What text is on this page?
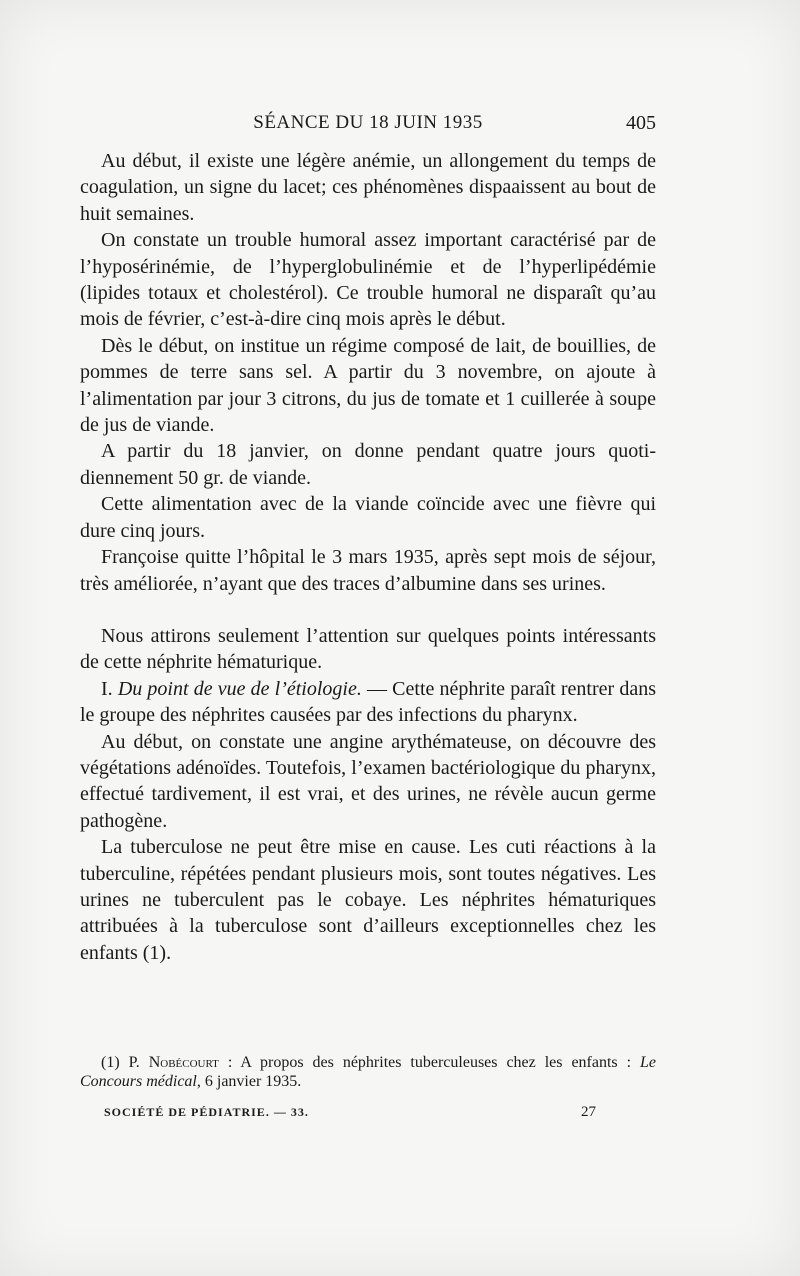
SÉANCE DU 18 JUIN 1935	405

Au début, il existe une légère anémie, un allongement du temps de coagulation, un signe du lacet; ces phénomènes dispaaissent au bout de huit semaines.

On constate un trouble humoral assez important caractérisé par de l’hyposérinémie, de l’hyperglobulinémie et de l’hyperlipédémie (lipides totaux et cholestérol). Ce trouble humoral ne disparaît qu’au mois de février, c’est-à-dire cinq mois après le début.

Dès le début, on institue un régime composé de lait, de bouillies, de pommes de terre sans sel. A partir du 3 novembre, on ajoute à l’alimentation par jour 3 citrons, du jus de tomate et 1 cuillerée à soupe de jus de viande.

A partir du 18 janvier, on donne pendant quatre jours quotidiennement 50 gr. de viande.

Cette alimentation avec de la viande coïncide avec une fièvre qui dure cinq jours.

Françoise quitte l’hôpital le 3 mars 1935, après sept mois de séjour, très améliorée, n’ayant que des traces d’albumine dans ses urines.

Nous attirons seulement l’attention sur quelques points intéressants de cette néphrite hématurique.

I. Du point de vue de l’étiologie. — Cette néphrite paraît rentrer dans le groupe des néphrites causées par des infections du pharynx.

Au début, on constate une angine arythémateuse, on découvre des végétations adénoïdes. Toutefois, l’examen bactériologique du pharynx, effectué tardivement, il est vrai, et des urines, ne révèle aucun germe pathogène.

La tuberculose ne peut être mise en cause. Les cuti réactions à la tuberculine, répétées pendant plusieurs mois, sont toutes négatives. Les urines ne tuberculent pas le cobaye. Les néphrites hématuriques attribuées à la tuberculose sont d’ailleurs exceptionnelles chez les enfants (1).

(1) P. Nobécourt : A propos des néphrites tuberculeuses chez les enfants : Le Concours médical, 6 janvier 1935.

SOCIÉTÉ DE PÉDIATRIE. — 33.	27
